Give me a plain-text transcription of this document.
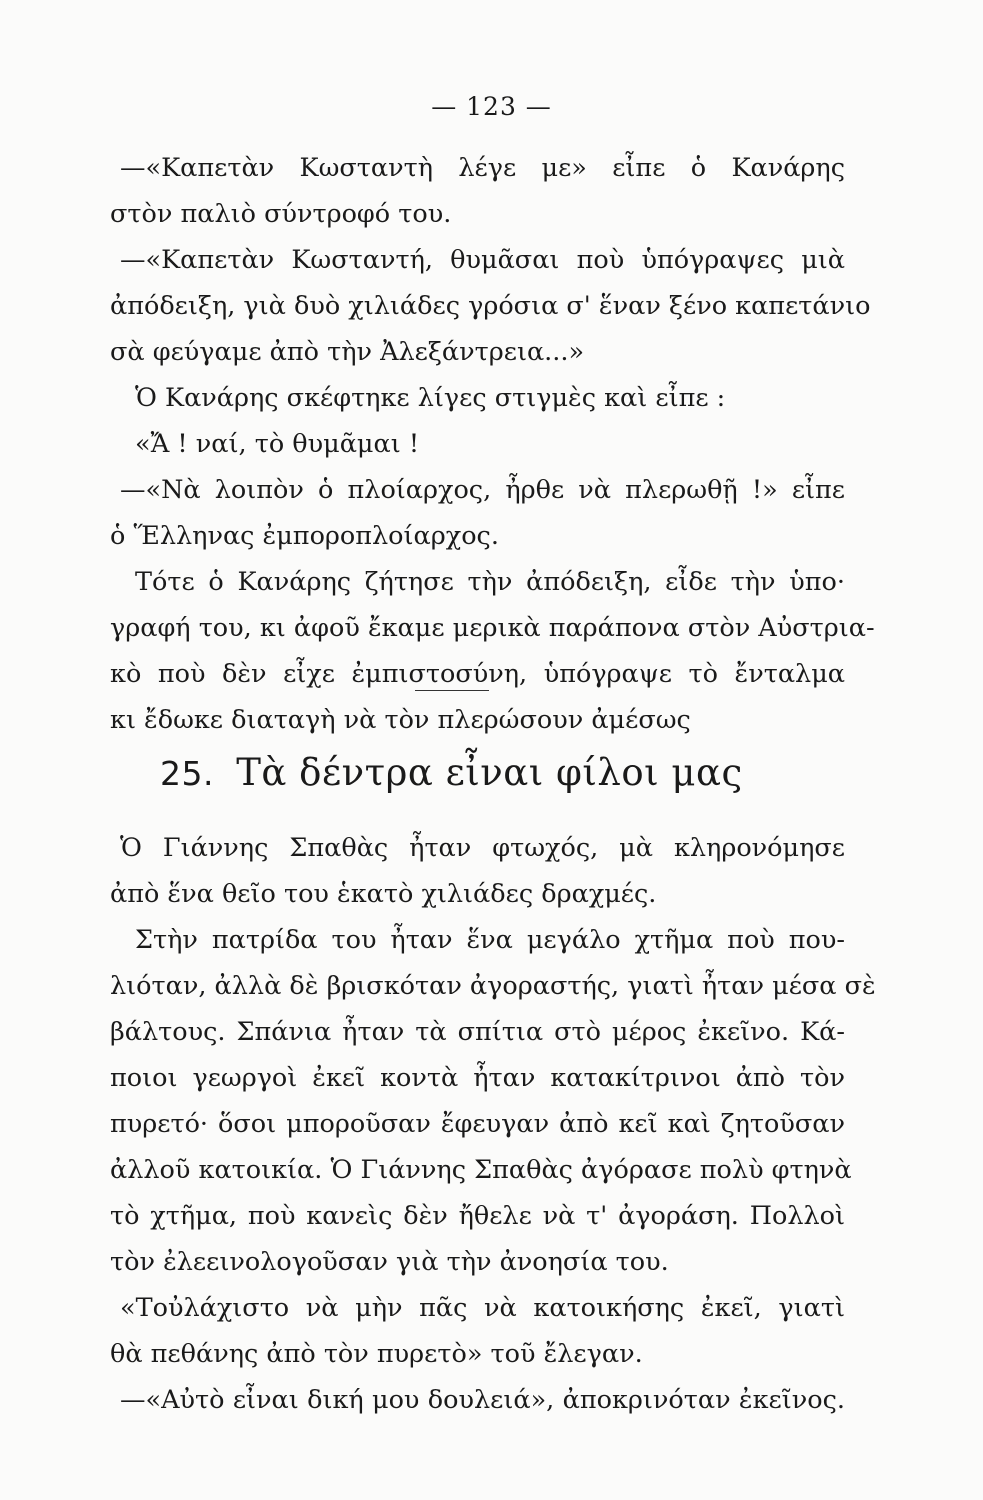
— 123 —
—«Καπετὰν Κωσταντὴ λέγε με» εἶπε ὁ Κανάρης
στὸν παλιὸ σύντροφό του.
—«Καπετὰν Κωσταντή, θυμᾶσαι ποὺ ὑπόγραψες μιὰ
ἀπόδειξη, γιὰ δυὸ χιλιάδες γρόσια σ' ἕναν ξένο καπετάνιο
σὰ φεύγαμε ἀπὸ τὴν Ἀλεξάντρεια...»
Ὁ Κανάρης σκέφτηκε λίγες στιγμὲς καὶ εἶπε :
«Ἄ ! ναί, τὸ θυμᾶμαι !
—«Νὰ λοιπὸν ὁ πλοίαρχος, ἦρθε νὰ πλερωθῇ !» εἶπε
ὁ Ἕλληνας ἐμποροπλοίαρχος.
Τότε ὁ Κανάρης ζήτησε τὴν ἀπόδειξη, εἶδε τὴν ὑπο·
γραφή του, κι ἀφοῦ ἔκαμε μερικὰ παράπονα στὸν Αὐστρια-
κὸ ποὺ δὲν εἶχε ἐμπιστοσύνη, ὑπόγραψε τὸ ἔνταλμα
κι ἔδωκε διαταγὴ νὰ τὸν πλερώσουν ἀμέσως
25. Τὰ δέντρα εἶναι φίλοι μας
Ὁ Γιάννης Σπαθὰς ἦταν φτωχός, μὰ κληρονόμησε
ἀπὸ ἕνα θεῖο του ἑκατὸ χιλιάδες δραχμές.
Στὴν πατρίδα του ἦταν ἕνα μεγάλο χτῆμα ποὺ που-
λιόταν, ἀλλὰ δὲ βρισκόταν ἀγοραστής, γιατὶ ἦταν μέσα σὲ
βάλτους. Σπάνια ἦταν τὰ σπίτια στὸ μέρος ἐκεῖνο. Κά-
ποιοι γεωργοὶ ἐκεῖ κοντὰ ἦταν κατακίτρινοι ἀπὸ τὸν
πυρετό· ὅσοι μποροῦσαν ἔφευγαν ἀπὸ κεῖ καὶ ζητοῦσαν
ἀλλοῦ κατοικία. Ὁ Γιάννης Σπαθὰς ἀγόρασε πολὺ φτηνὰ
τὸ χτῆμα, ποὺ κανεὶς δὲν ἤθελε νὰ τ' ἀγοράση. Πολλοὶ
τὸν ἐλεεινολογοῦσαν γιὰ τὴν ἀνοησία του.
«Τοὐλάχιστο νὰ μὴν πᾶς νὰ κατοικήσης ἐκεῖ, γιατὶ
θὰ πεθάνης ἀπὸ τὸν πυρετὸ» τοῦ ἔλεγαν.
—«Αὐτὸ εἶναι δική μου δουλειά», ἀποκρινόταν ἐκεῖνος.
